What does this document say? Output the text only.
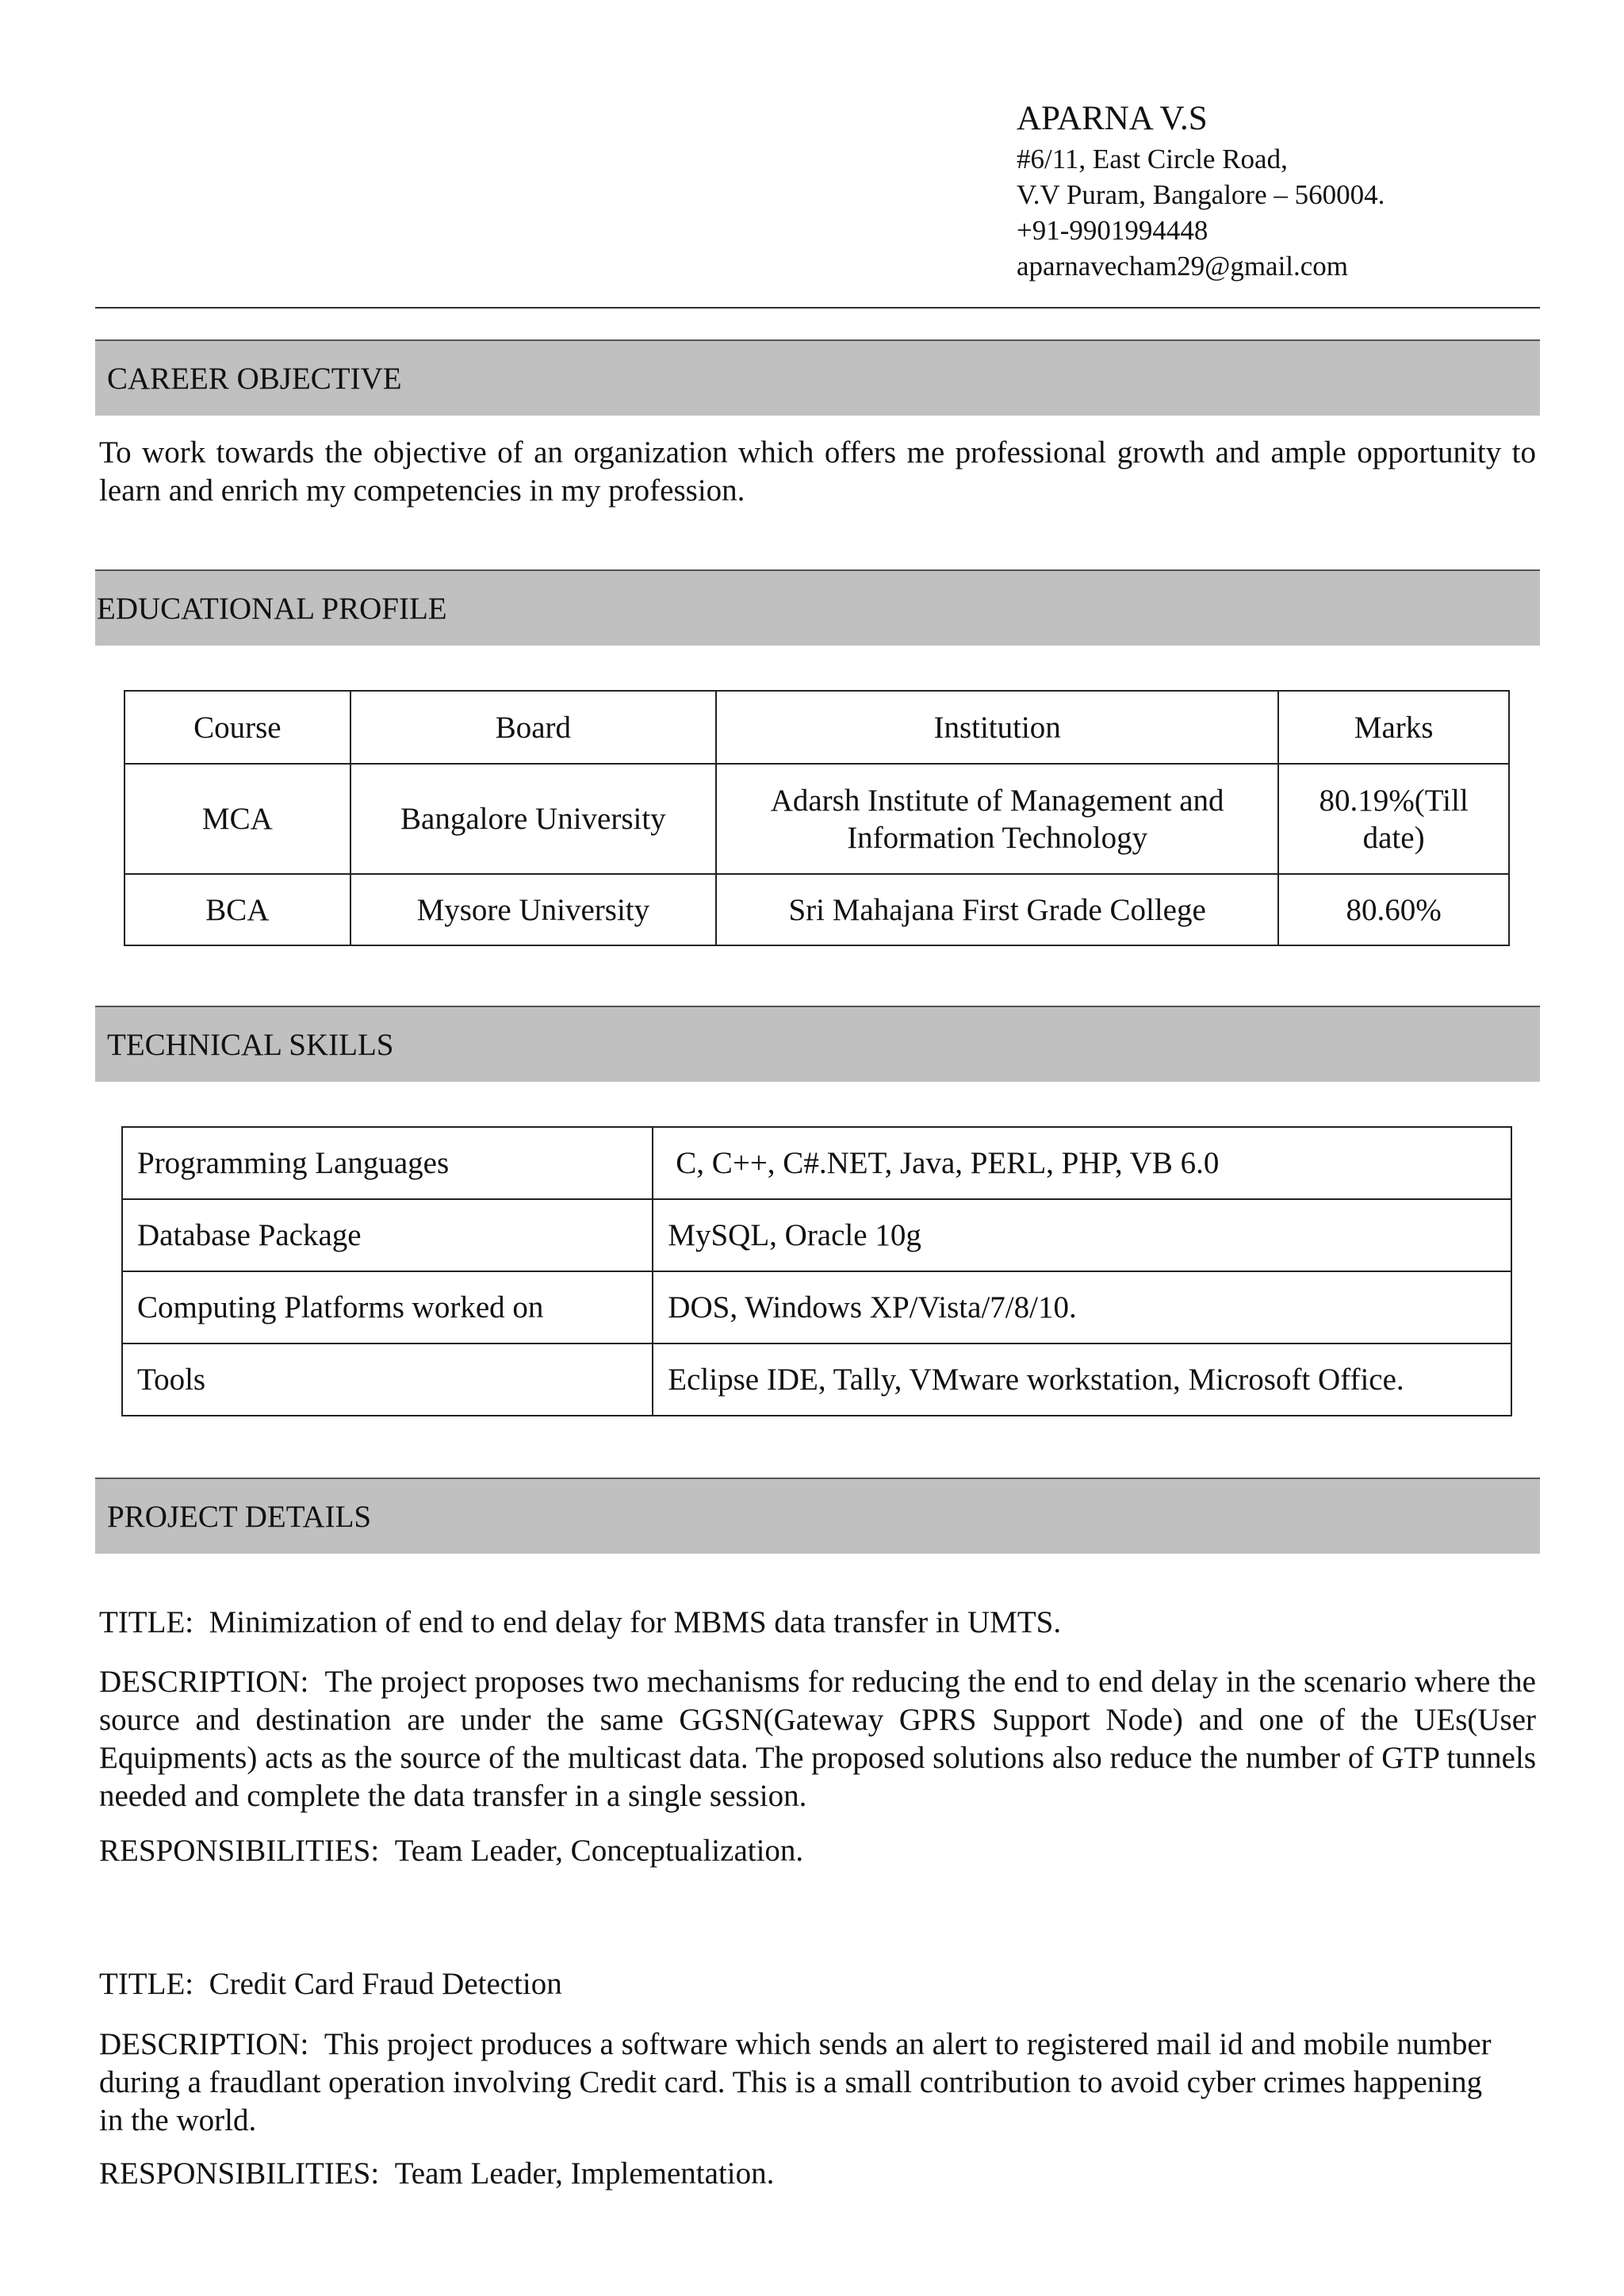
APARNA V.S
#6/11, East Circle Road,
V.V Puram, Bangalore – 560004.
+91-9901994448
aparnavecham29@gmail.com
CAREER OBJECTIVE
To work towards the objective of an organization which offers me professional growth and ample opportunity to learn and enrich my competencies in my profession.
EDUCATIONAL PROFILE
Course	Board	Institution	Marks
MCA	Bangalore University	Adarsh Institute of Management and Information Technology	80.19%(Till date)
BCA	Mysore University	Sri Mahajana First Grade College	80.60%
TECHNICAL SKILLS
Programming Languages	C, C++, C#.NET, Java, PERL, PHP, VB 6.0
Database Package	MySQL, Oracle 10g
Computing Platforms worked on	DOS, Windows XP/Vista/7/8/10.
Tools	Eclipse IDE, Tally, VMware workstation, Microsoft Office.
PROJECT DETAILS
TITLE: Minimization of end to end delay for MBMS data transfer in UMTS.
DESCRIPTION: The project proposes two mechanisms for reducing the end to end delay in the scenario where the source and destination are under the same GGSN(Gateway GPRS Support Node) and one of the UEs(User Equipments) acts as the source of the multicast data. The proposed solutions also reduce the number of GTP tunnels needed and complete the data transfer in a single session.
RESPONSIBILITIES: Team Leader, Conceptualization.
TITLE: Credit Card Fraud Detection
DESCRIPTION: This project produces a software which sends an alert to registered mail id and mobile number during a fraudlant operation involving Credit card. This is a small contribution to avoid cyber crimes happening in the world.
RESPONSIBILITIES: Team Leader, Implementation.
